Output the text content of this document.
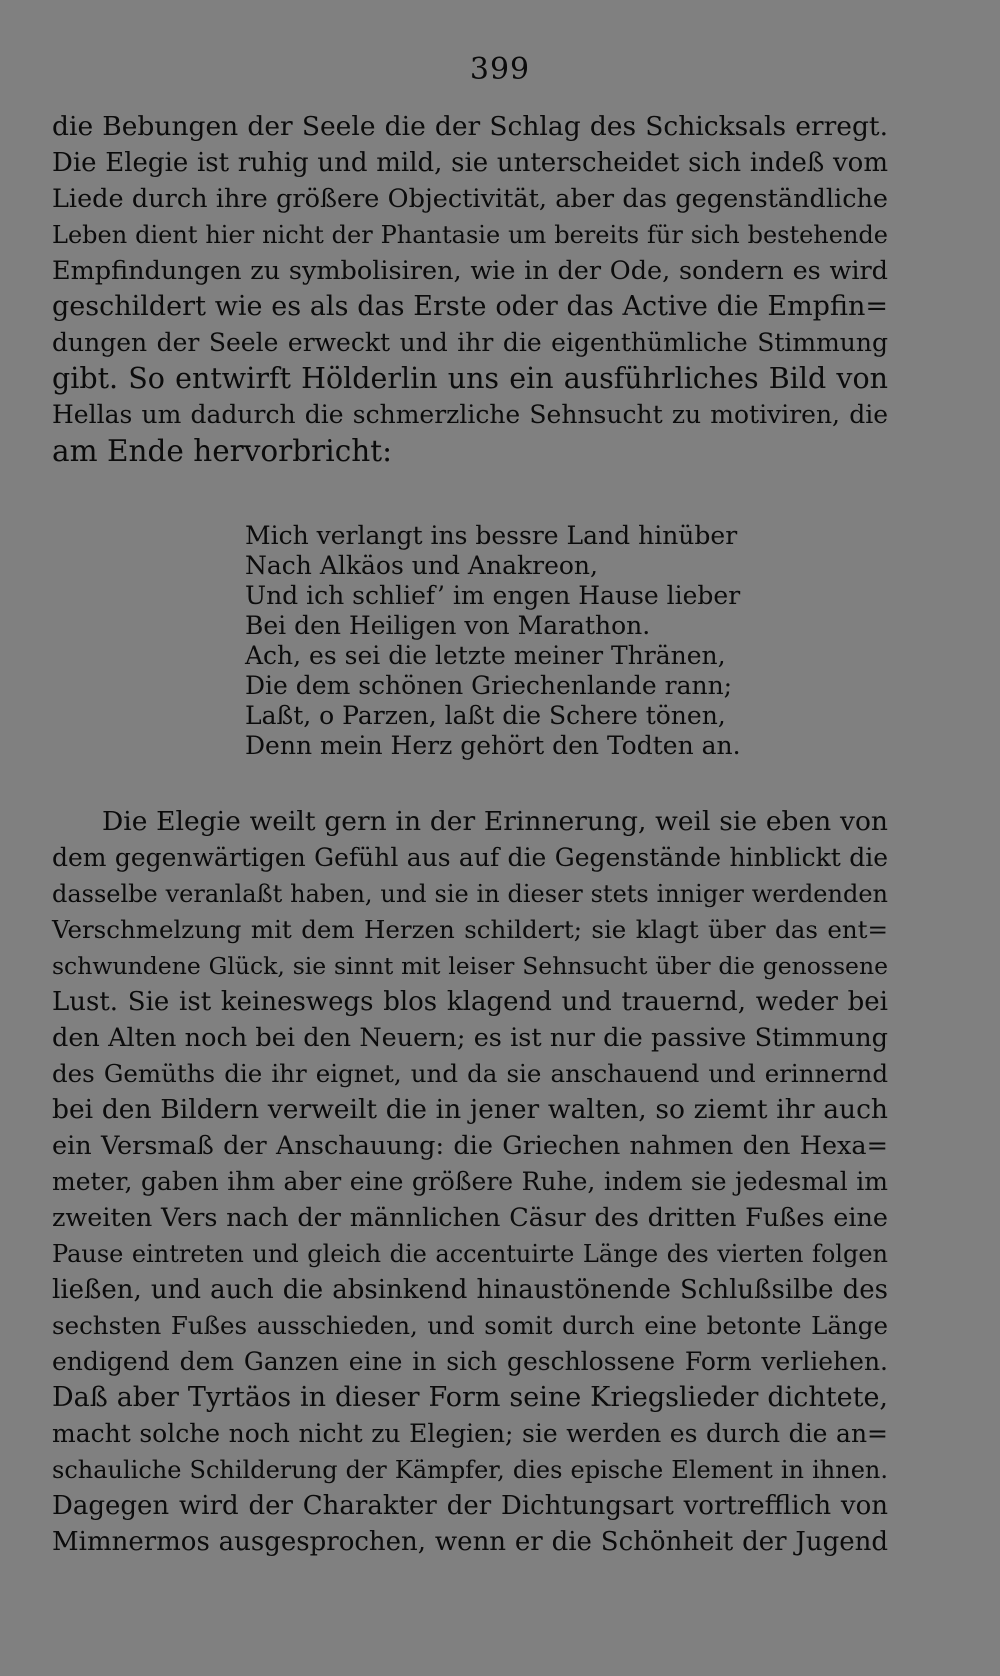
399
die Bebungen der Seele die der Schlag des Schicksals erregt.
Die Elegie ist ruhig und mild, sie unterscheidet sich indeß vom
Liede durch ihre größere Objectivität, aber das gegenständliche
Leben dient hier nicht der Phantasie um bereits für sich bestehende
Empfindungen zu symbolisiren, wie in der Ode, sondern es wird
geschildert wie es als das Erste oder das Active die Empfin=
dungen der Seele erweckt und ihr die eigenthümliche Stimmung
gibt. So entwirft Hölderlin uns ein ausführliches Bild von
Hellas um dadurch die schmerzliche Sehnsucht zu motiviren, die
am Ende hervorbricht:
Mich verlangt ins bessre Land hinüber
Nach Alkäos und Anakreon,
Und ich schlief’ im engen Hause lieber
Bei den Heiligen von Marathon.
Ach, es sei die letzte meiner Thränen,
Die dem schönen Griechenlande rann;
Laßt, o Parzen, laßt die Schere tönen,
Denn mein Herz gehört den Todten an.
Die Elegie weilt gern in der Erinnerung, weil sie eben von
dem gegenwärtigen Gefühl aus auf die Gegenstände hinblickt die
dasselbe veranlaßt haben, und sie in dieser stets inniger werdenden
Verschmelzung mit dem Herzen schildert; sie klagt über das ent=
schwundene Glück, sie sinnt mit leiser Sehnsucht über die genossene
Lust. Sie ist keineswegs blos klagend und trauernd, weder bei
den Alten noch bei den Neuern; es ist nur die passive Stimmung
des Gemüths die ihr eignet, und da sie anschauend und erinnernd
bei den Bildern verweilt die in jener walten, so ziemt ihr auch
ein Versmaß der Anschauung: die Griechen nahmen den Hexa=
meter, gaben ihm aber eine größere Ruhe, indem sie jedesmal im
zweiten Vers nach der männlichen Cäsur des dritten Fußes eine
Pause eintreten und gleich die accentuirte Länge des vierten folgen
ließen, und auch die absinkend hinaustönende Schlußsilbe des
sechsten Fußes ausschieden, und somit durch eine betonte Länge
endigend dem Ganzen eine in sich geschlossene Form verliehen.
Daß aber Tyrtäos in dieser Form seine Kriegslieder dichtete,
macht solche noch nicht zu Elegien; sie werden es durch die an=
schauliche Schilderung der Kämpfer, dies epische Element in ihnen.
Dagegen wird der Charakter der Dichtungsart vortrefflich von
Mimnermos ausgesprochen, wenn er die Schönheit der Jugend
